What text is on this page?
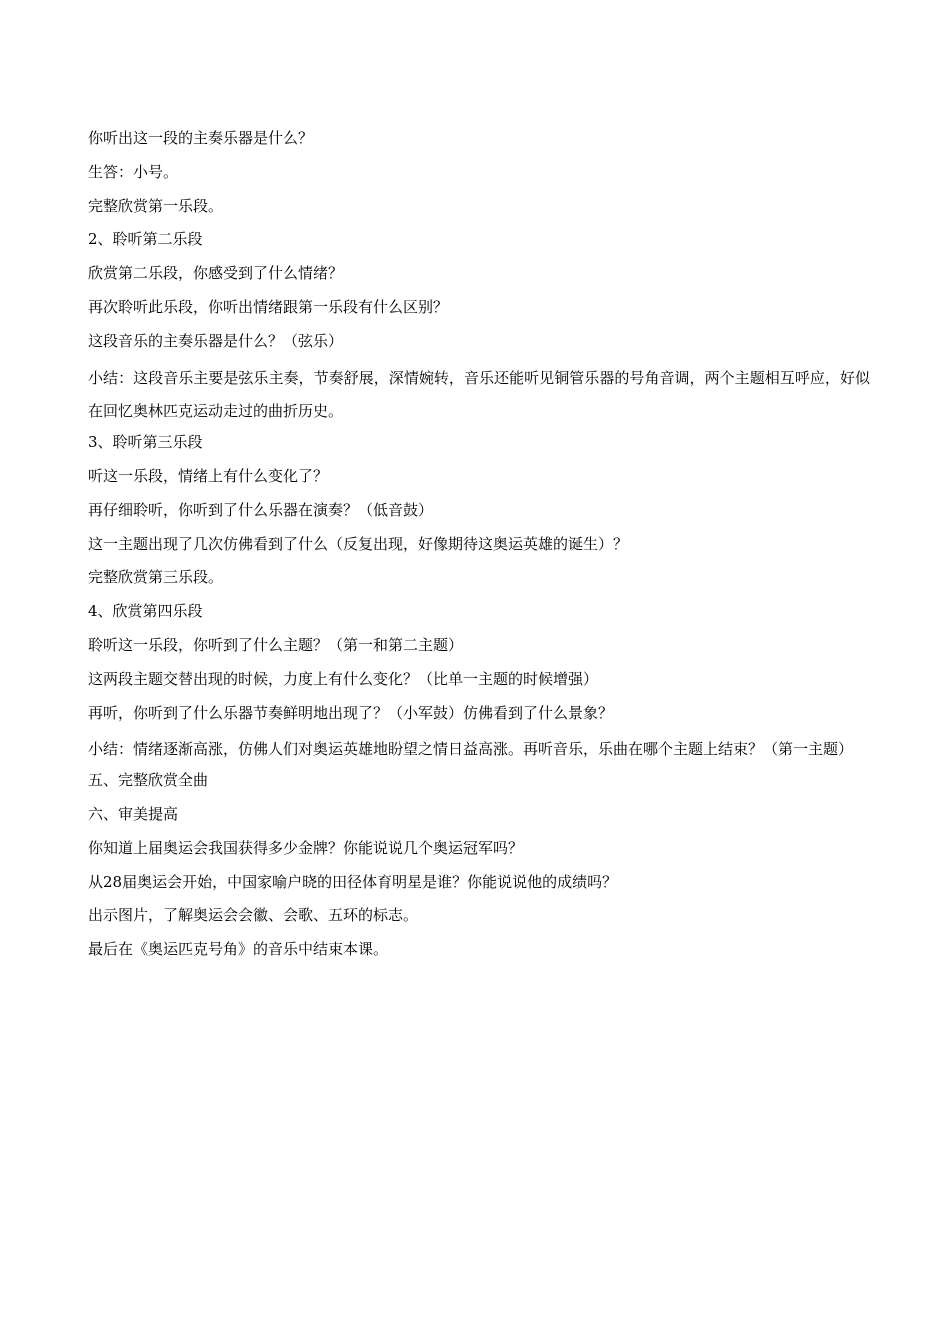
你听出这一段的主奏乐器是什么？

生答：小号。

完整欣赏第一乐段。

2、聆听第二乐段

欣赏第二乐段，你感受到了什么情绪？

再次聆听此乐段，你听出情绪跟第一乐段有什么区别？

这段音乐的主奏乐器是什么？（弦乐）

小结：这段音乐主要是弦乐主奏，节奏舒展，深情婉转，音乐还能听见铜管乐器的号角音调，两个主题相互呼应，好似在回忆奥林匹克运动走过的曲折历史。

3、聆听第三乐段

听这一乐段，情绪上有什么变化了？

再仔细聆听，你听到了什么乐器在演奏？（低音鼓）

这一主题出现了几次仿佛看到了什么（反复出现，好像期待这奥运英雄的诞生）？

完整欣赏第三乐段。

4、欣赏第四乐段

聆听这一乐段，你听到了什么主题？（第一和第二主题）

这两段主题交替出现的时候，力度上有什么变化？（比单一主题的时候增强）

再听，你听到了什么乐器节奏鲜明地出现了？（小军鼓）仿佛看到了什么景象？

小结：情绪逐渐高涨，仿佛人们对奥运英雄地盼望之情日益高涨。再听音乐，乐曲在哪个主题上结束？（第一主题）

五、完整欣赏全曲

六、审美提高

你知道上届奥运会我国获得多少金牌？你能说说几个奥运冠军吗？

从28届奥运会开始，中国家喻户晓的田径体育明星是谁？你能说说他的成绩吗？

出示图片，了解奥运会会徽、会歌、五环的标志。

最后在《奥运匹克号角》的音乐中结束本课。
